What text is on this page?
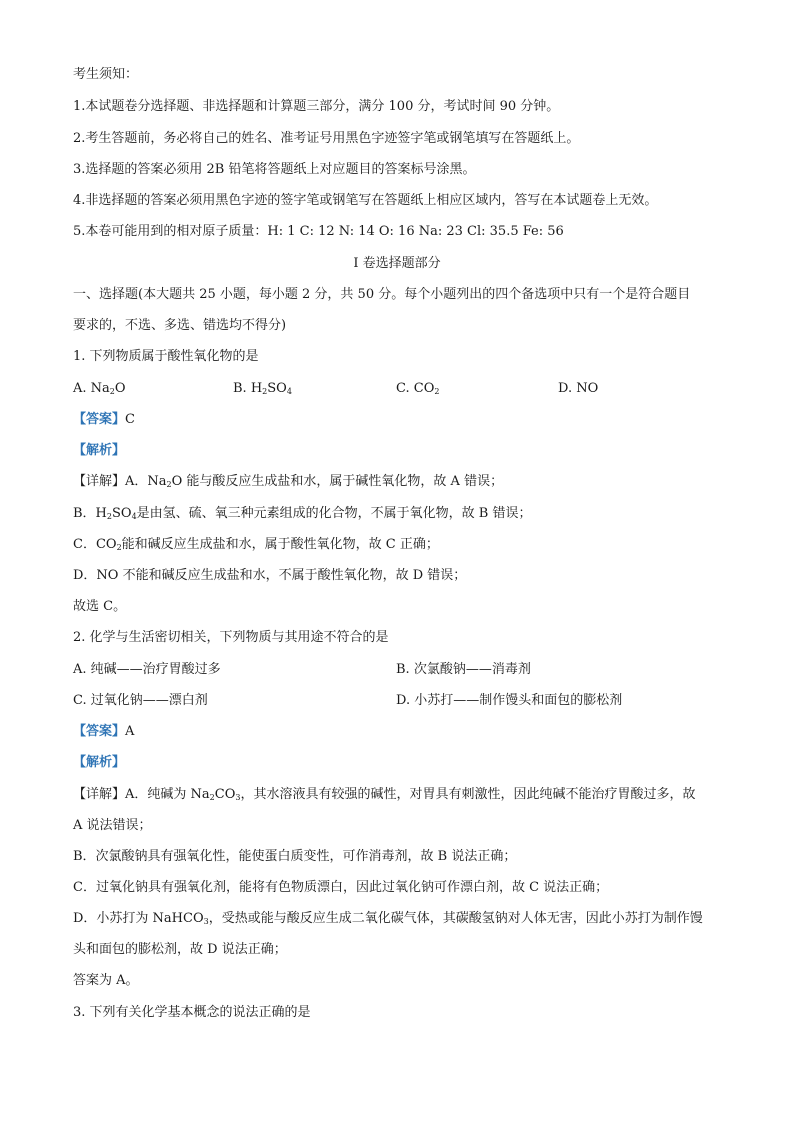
考生须知：
1.本试题卷分选择题、非选择题和计算题三部分，满分 100 分，考试时间 90 分钟。
2.考生答题前，务必将自己的姓名、准考证号用黑色字迹签字笔或钢笔填写在答题纸上。
3.选择题的答案必须用 2B 铅笔将答题纸上对应题目的答案标号涂黑。
4.非选择题的答案必须用黑色字迹的签字笔或钢笔写在答题纸上相应区域内，答写在本试题卷上无效。
5.本卷可能用到的相对原子质量：H: 1 C: 12 N: 14 O: 16 Na: 23 Cl: 35.5 Fe: 56
I 卷选择题部分
一、选择题(本大题共 25 小题，每小题 2 分，共 50 分。每个小题列出的四个备选项中只有一个是符合题目
要求的，不选、多选、错选均不得分)
1. 下列物质属于酸性氧化物的是
A. $Na_2O$	B. $H_2SO_4$	C. $CO_2$	D. NO
【答案】C
【解析】
【详解】A．$Na_2O$ 能与酸反应生成盐和水，属于碱性氧化物，故 A 错误；
B．$H_2SO_4$是由氢、硫、氧三种元素组成的化合物，不属于氧化物，故 B 错误；
C．$CO_2$能和碱反应生成盐和水，属于酸性氧化物，故 C 正确；
D．NO 不能和碱反应生成盐和水，不属于酸性氧化物，故 D 错误；
故选 C。
2. 化学与生活密切相关，下列物质与其用途不符合的是
A. 纯碱——治疗胃酸过多	B. 次氯酸钠——消毒剂
C. 过氧化钠——漂白剂	D. 小苏打——制作馒头和面包的膨松剂
【答案】A
【解析】
【详解】A．纯碱为 $Na_2CO_3$，其水溶液具有较强的碱性，对胃具有刺激性，因此纯碱不能治疗胃酸过多，故
A 说法错误；
B．次氯酸钠具有强氧化性，能使蛋白质变性，可作消毒剂，故 B 说法正确；
C．过氧化钠具有强氧化剂，能将有色物质漂白，因此过氧化钠可作漂白剂，故 C 说法正确；
D．小苏打为 NaHCO$_3$，受热或能与酸反应生成二氧化碳气体，其碳酸氢钠对人体无害，因此小苏打为制作馒
头和面包的膨松剂，故 D 说法正确；
答案为 A。
3. 下列有关化学基本概念的说法正确的是
